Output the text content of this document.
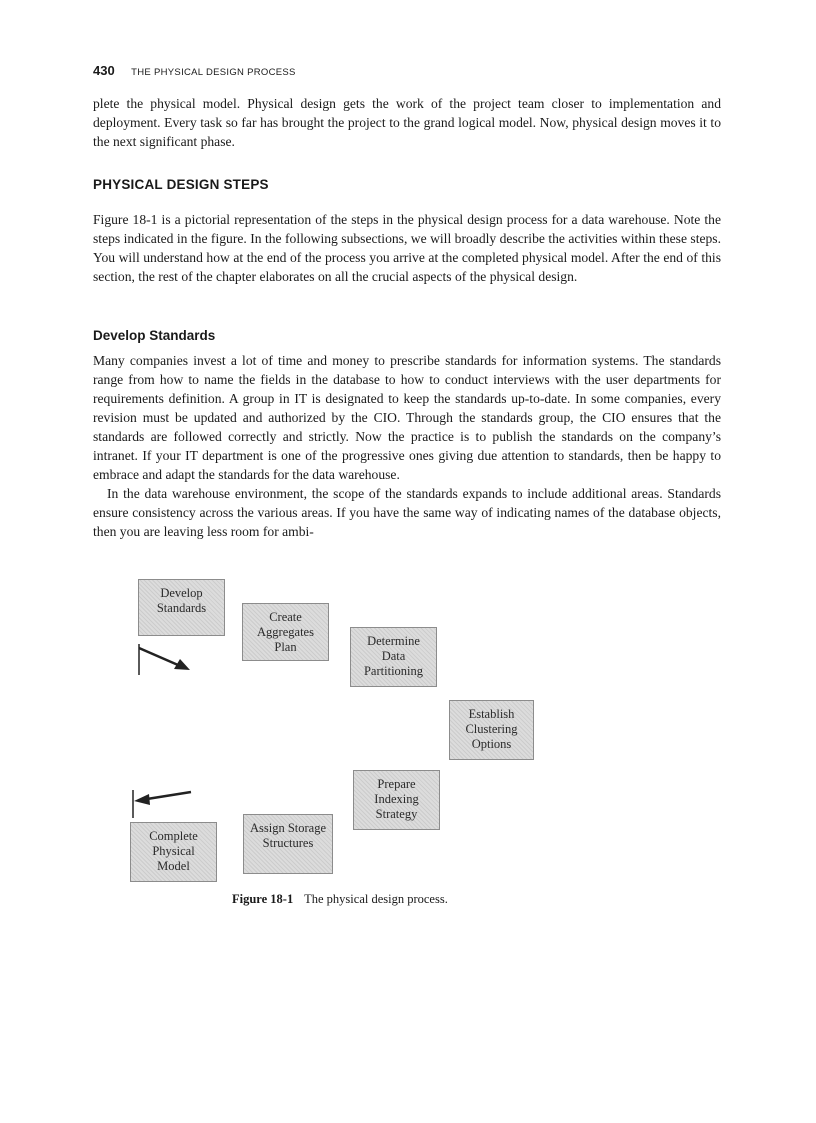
430 THE PHYSICAL DESIGN PROCESS

plete the physical model. Physical design gets the work of the project team closer to implementation and deployment. Every task so far has brought the project to the grand logical model. Now, physical design moves it to the next significant phase.

PHYSICAL DESIGN STEPS

Figure 18-1 is a pictorial representation of the steps in the physical design process for a data warehouse. Note the steps indicated in the figure. In the following subsections, we will broadly describe the activities within these steps. You will understand how at the end of the process you arrive at the completed physical model. After the end of this section, the rest of the chapter elaborates on all the crucial aspects of the physical design.

Develop Standards

Many companies invest a lot of time and money to prescribe standards for information systems. The standards range from how to name the fields in the database to how to conduct interviews with the user departments for requirements definition. A group in IT is designated to keep the standards up-to-date. In some companies, every revision must be updated and authorized by the CIO. Through the standards group, the CIO ensures that the standards are followed correctly and strictly. Now the practice is to publish the standards on the company’s intranet. If your IT department is one of the progressive ones giving due attention to standards, then be happy to embrace and adapt the standards for the data warehouse.

In the data warehouse environment, the scope of the standards expands to include additional areas. Standards ensure consistency across the various areas. If you have the same way of indicating names of the database objects, then you are leaving less room for ambi-

Develop
Standards
Create
Aggregates
Plan	Determine
Data
Partitioning
Establish
Clustering
Options
Prepare
Indexing
Strategy
Assign Storage
Structures
Complete
Physical
Model
Figure 18-1 The physical design process.
